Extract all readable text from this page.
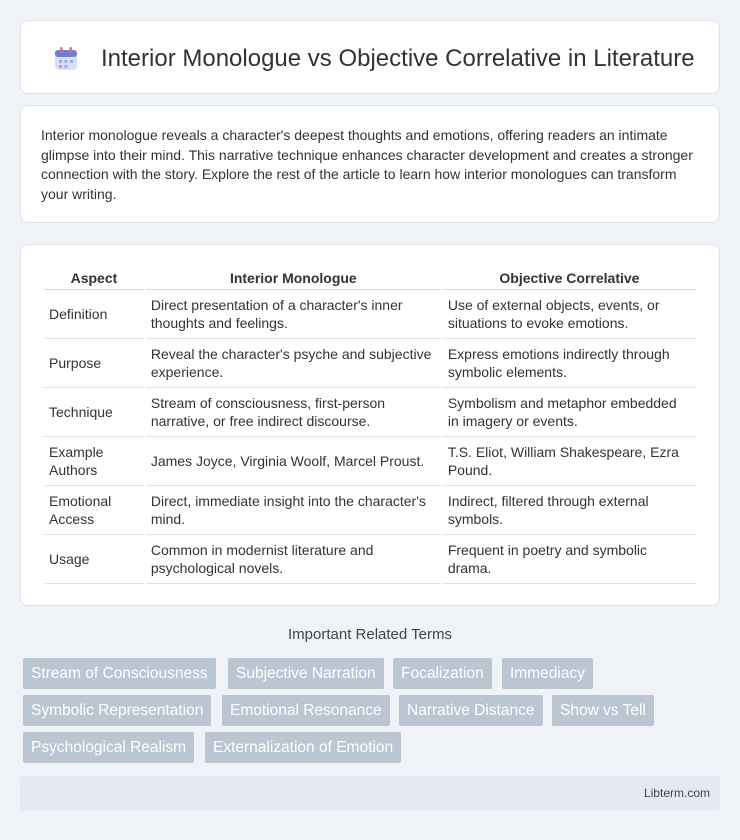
Interior Monologue vs Objective Correlative in Literature

Interior monologue reveals a character's deepest thoughts and emotions, offering readers an intimate glimpse into their mind. This narrative technique enhances character development and creates a stronger connection with the story. Explore the rest of the article to learn how interior monologues can transform your writing.

Aspect	Interior Monologue	Objective Correlative
Definition	Direct presentation of a character's inner thoughts and feelings.	Use of external objects, events, or situations to evoke emotions.
Purpose	Reveal the character's psyche and subjective experience.	Express emotions indirectly through symbolic elements.
Technique	Stream of consciousness, first-person narrative, or free indirect discourse.	Symbolism and metaphor embedded in imagery or events.
Example Authors	James Joyce, Virginia Woolf, Marcel Proust.	T.S. Eliot, William Shakespeare, Ezra Pound.
Emotional Access	Direct, immediate insight into the character's mind.	Indirect, filtered through external symbols.
Usage	Common in modernist literature and psychological novels.	Frequent in poetry and symbolic drama.
Important Related Terms
Stream of Consciousness	Subjective Narration	Focalization	Immediacy
Symbolic Representation	Emotional Resonance	Narrative Distance	Show vs Tell
Psychological Realism	Externalization of Emotion
Libterm.com
